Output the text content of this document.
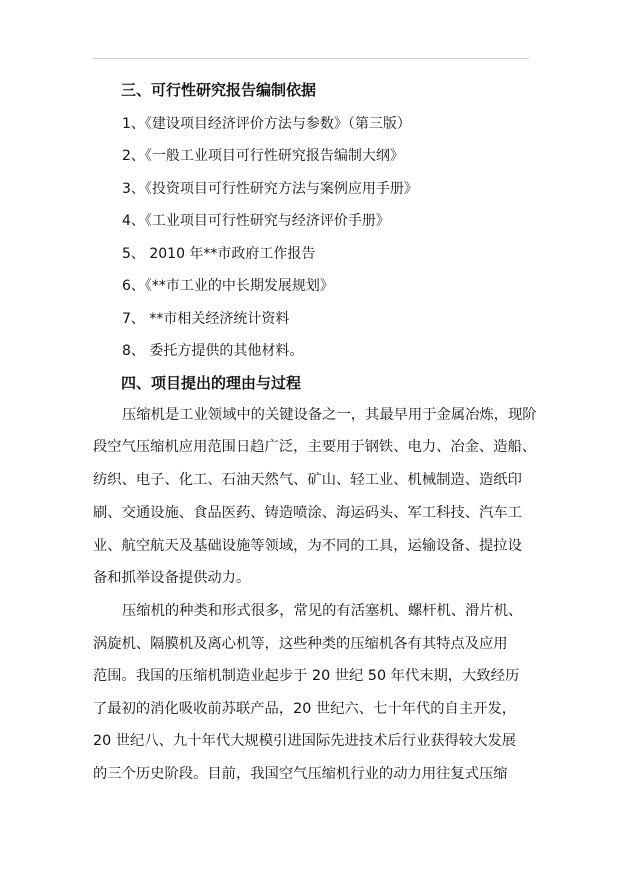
三、可行性研究报告编制依据
1、《建设项目经济评价方法与参数》（第三版）
2、《一般工业项目可行性研究报告编制大纲》
3、《投资项目可行性研究方法与案例应用手册》
4、《工业项目可行性研究与经济评价手册》
5、 2010 年**市政府工作报告
6、《**市工业的中长期发展规划》
7、 **市相关经济统计资料
8、 委托方提供的其他材料。
四、项目提出的理由与过程
压缩机是工业领域中的关键设备之一，其最早用于金属冶炼，现阶
段空气压缩机应用范围日趋广泛，主要用于钢铁、电力、冶金、造船、
纺织、电子、化工、石油天然气、矿山、轻工业、机械制造、造纸印
刷、交通设施、食品医药、铸造喷涂、海运码头、军工科技、汽车工
业、航空航天及基础设施等领域，为不同的工具，运输设备、提拉设
备和抓举设备提供动力。
压缩机的种类和形式很多，常见的有活塞机、螺杆机、滑片机、
涡旋机、隔膜机及离心机等，这些种类的压缩机各有其特点及应用
范围。我国的压缩机制造业起步于 20 世纪 50 年代末期，大致经历
了最初的消化吸收前苏联产品，20 世纪六、七十年代的自主开发，
20 世纪八、九十年代大规模引进国际先进技术后行业获得较大发展
的三个历史阶段。目前，我国空气压缩机行业的动力用往复式压缩
